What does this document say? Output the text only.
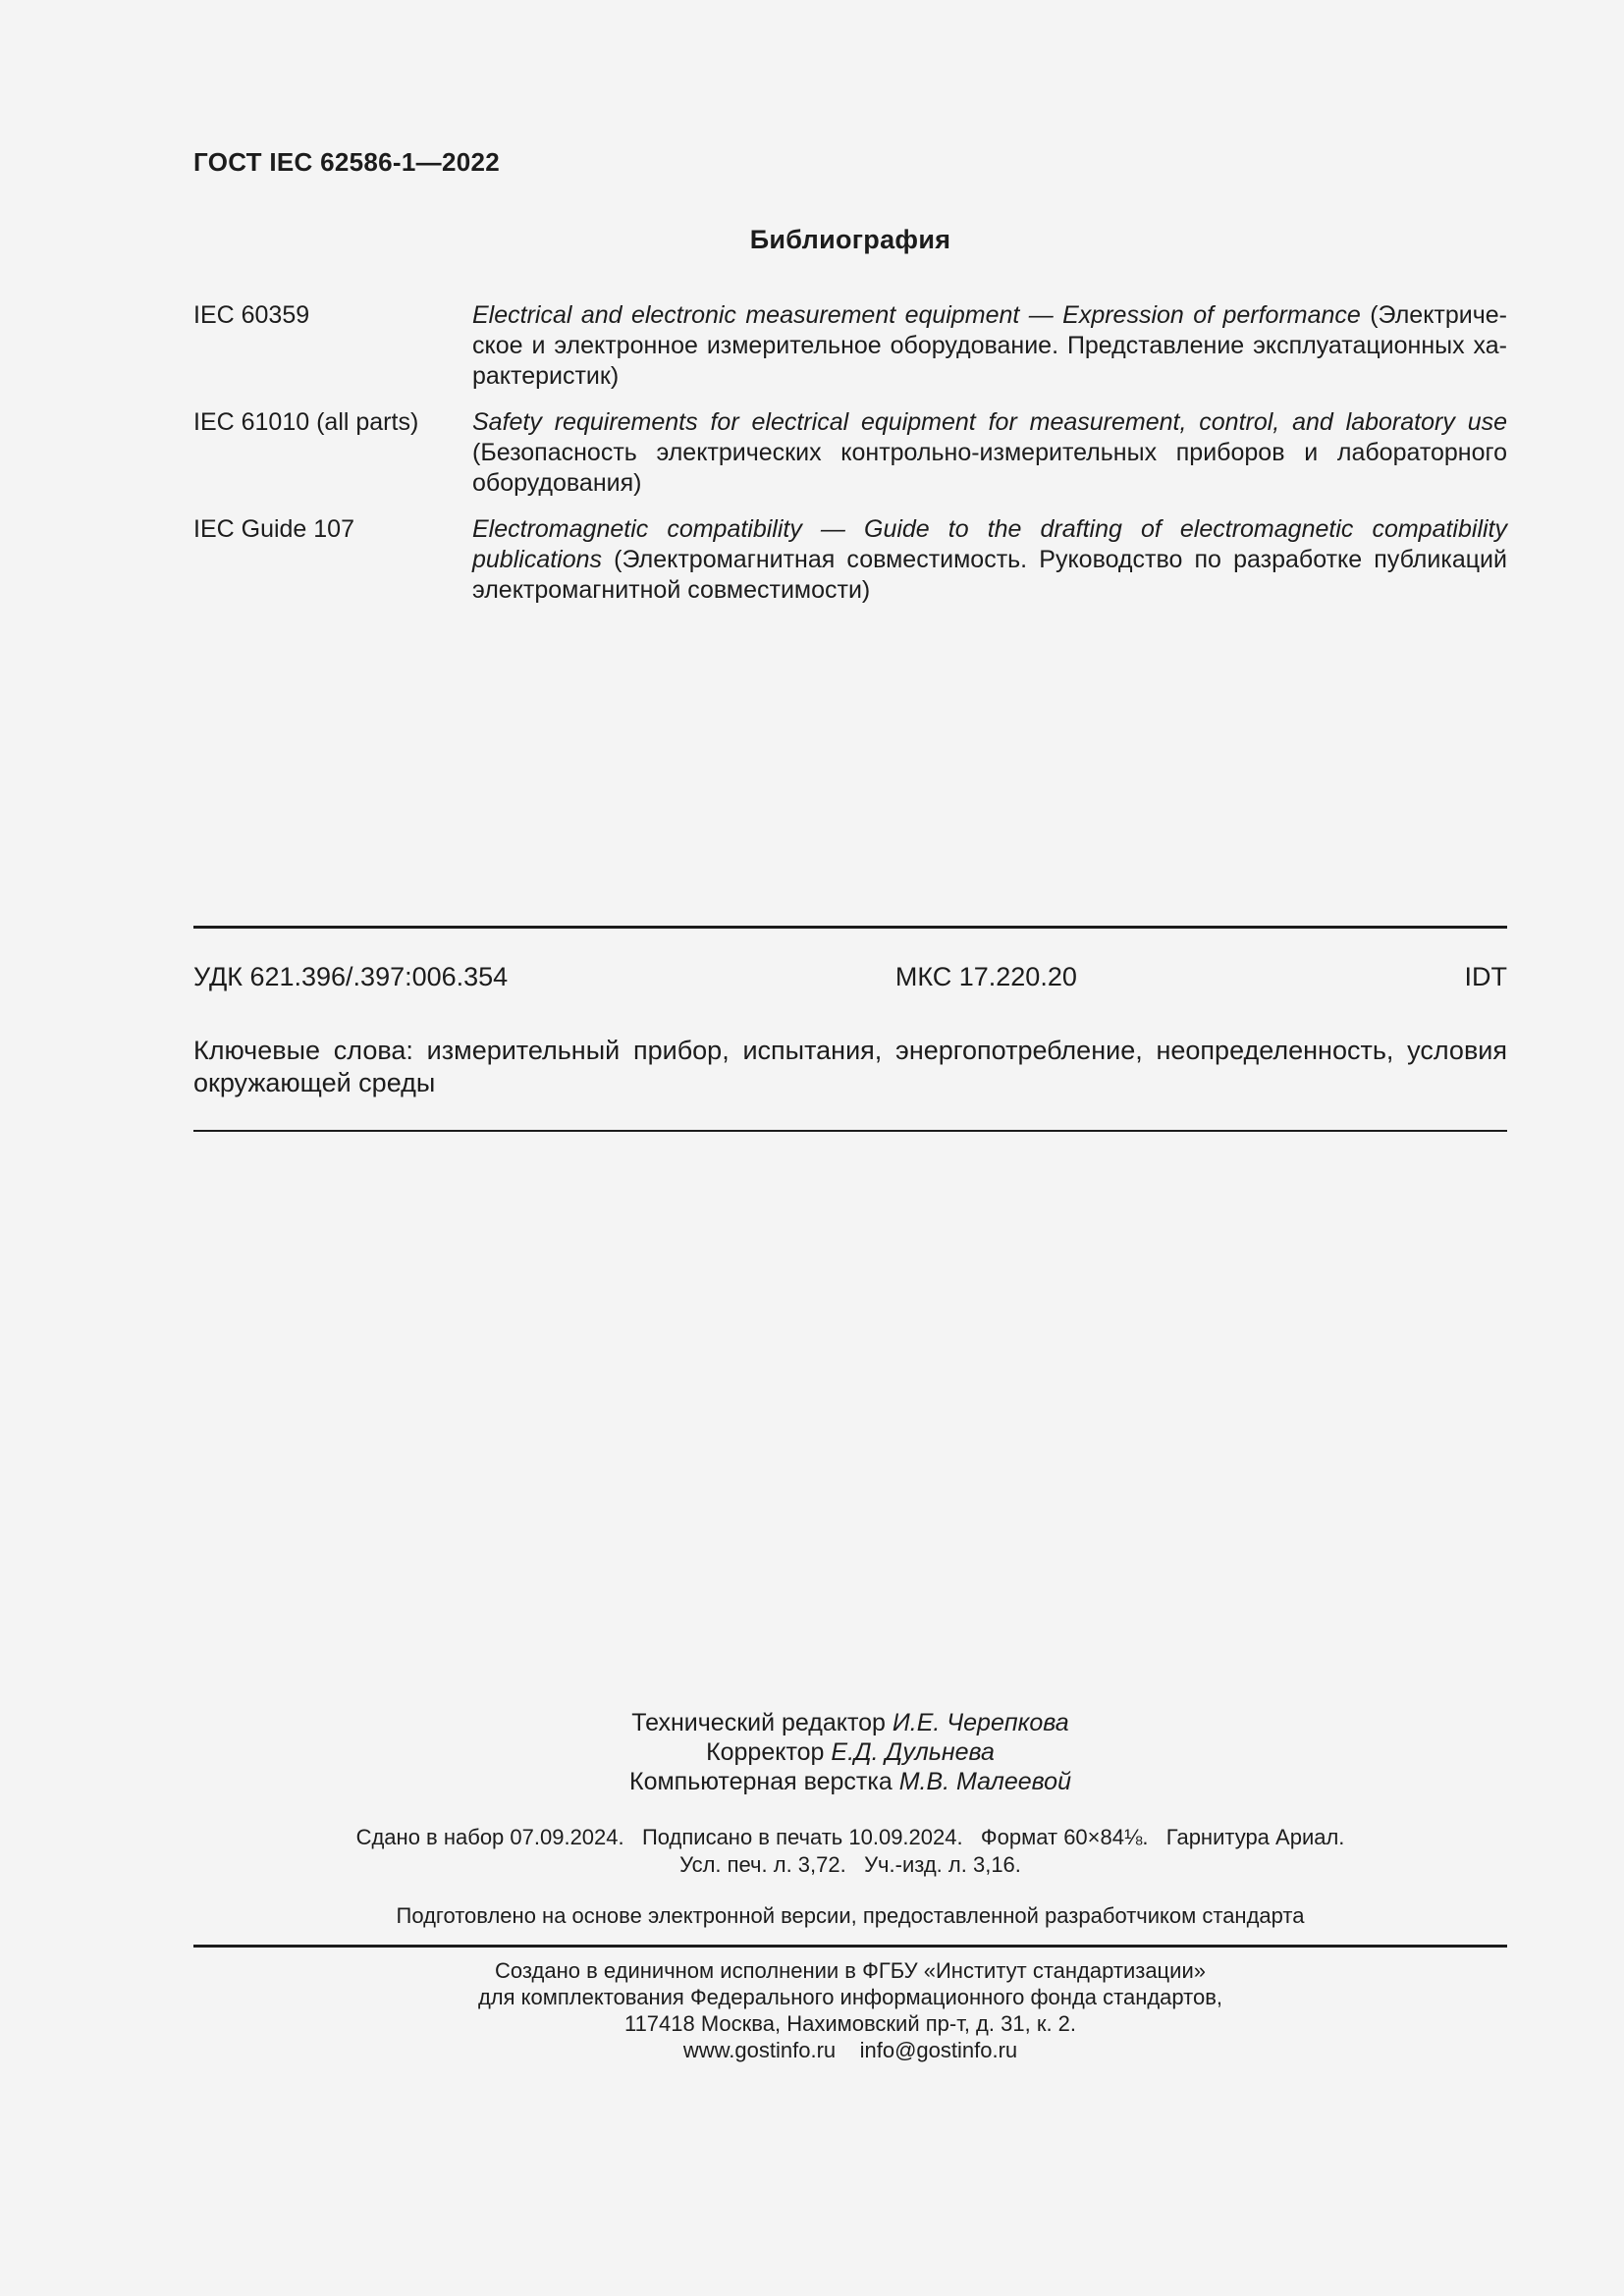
ГОСТ IEC 62586-1—2022
Библиография
IEC 60359	Electrical and electronic measurement equipment — Expression of performance (Электрическое и электронное измерительное оборудование. Представление эксплуатационных характеристик)
IEC 61010 (all parts)	Safety requirements for electrical equipment for measurement, control, and laboratory use (Безопасность электрических контрольно-измерительных приборов и лабораторного оборудования)
IEC Guide 107	Electromagnetic compatibility — Guide to the drafting of electromagnetic compatibility publications (Электромагнитная совместимость. Руководство по разработке публикаций электромагнитной совместимости)
УДК 621.396/.397:006.354	МКС 17.220.20	IDT
Ключевые слова: измерительный прибор, испытания, энергопотребление, неопределенность, условия окружающей среды
Технический редактор И.Е. Черепкова
Корректор Е.Д. Дульнева
Компьютерная верстка М.В. Малеевой
Сдано в набор 07.09.2024.   Подписано в печать 10.09.2024.   Формат 60×84⅛.   Гарнитура Ариал.
Усл. печ. л. 3,72.   Уч.-изд. л. 3,16.
Подготовлено на основе электронной версии, предоставленной разработчиком стандарта
Создано в единичном исполнении в ФГБУ «Институт стандартизации»
для комплектования Федерального информационного фонда стандартов,
117418 Москва, Нахимовский пр-т, д. 31, к. 2.
www.gostinfo.ru    info@gostinfo.ru
